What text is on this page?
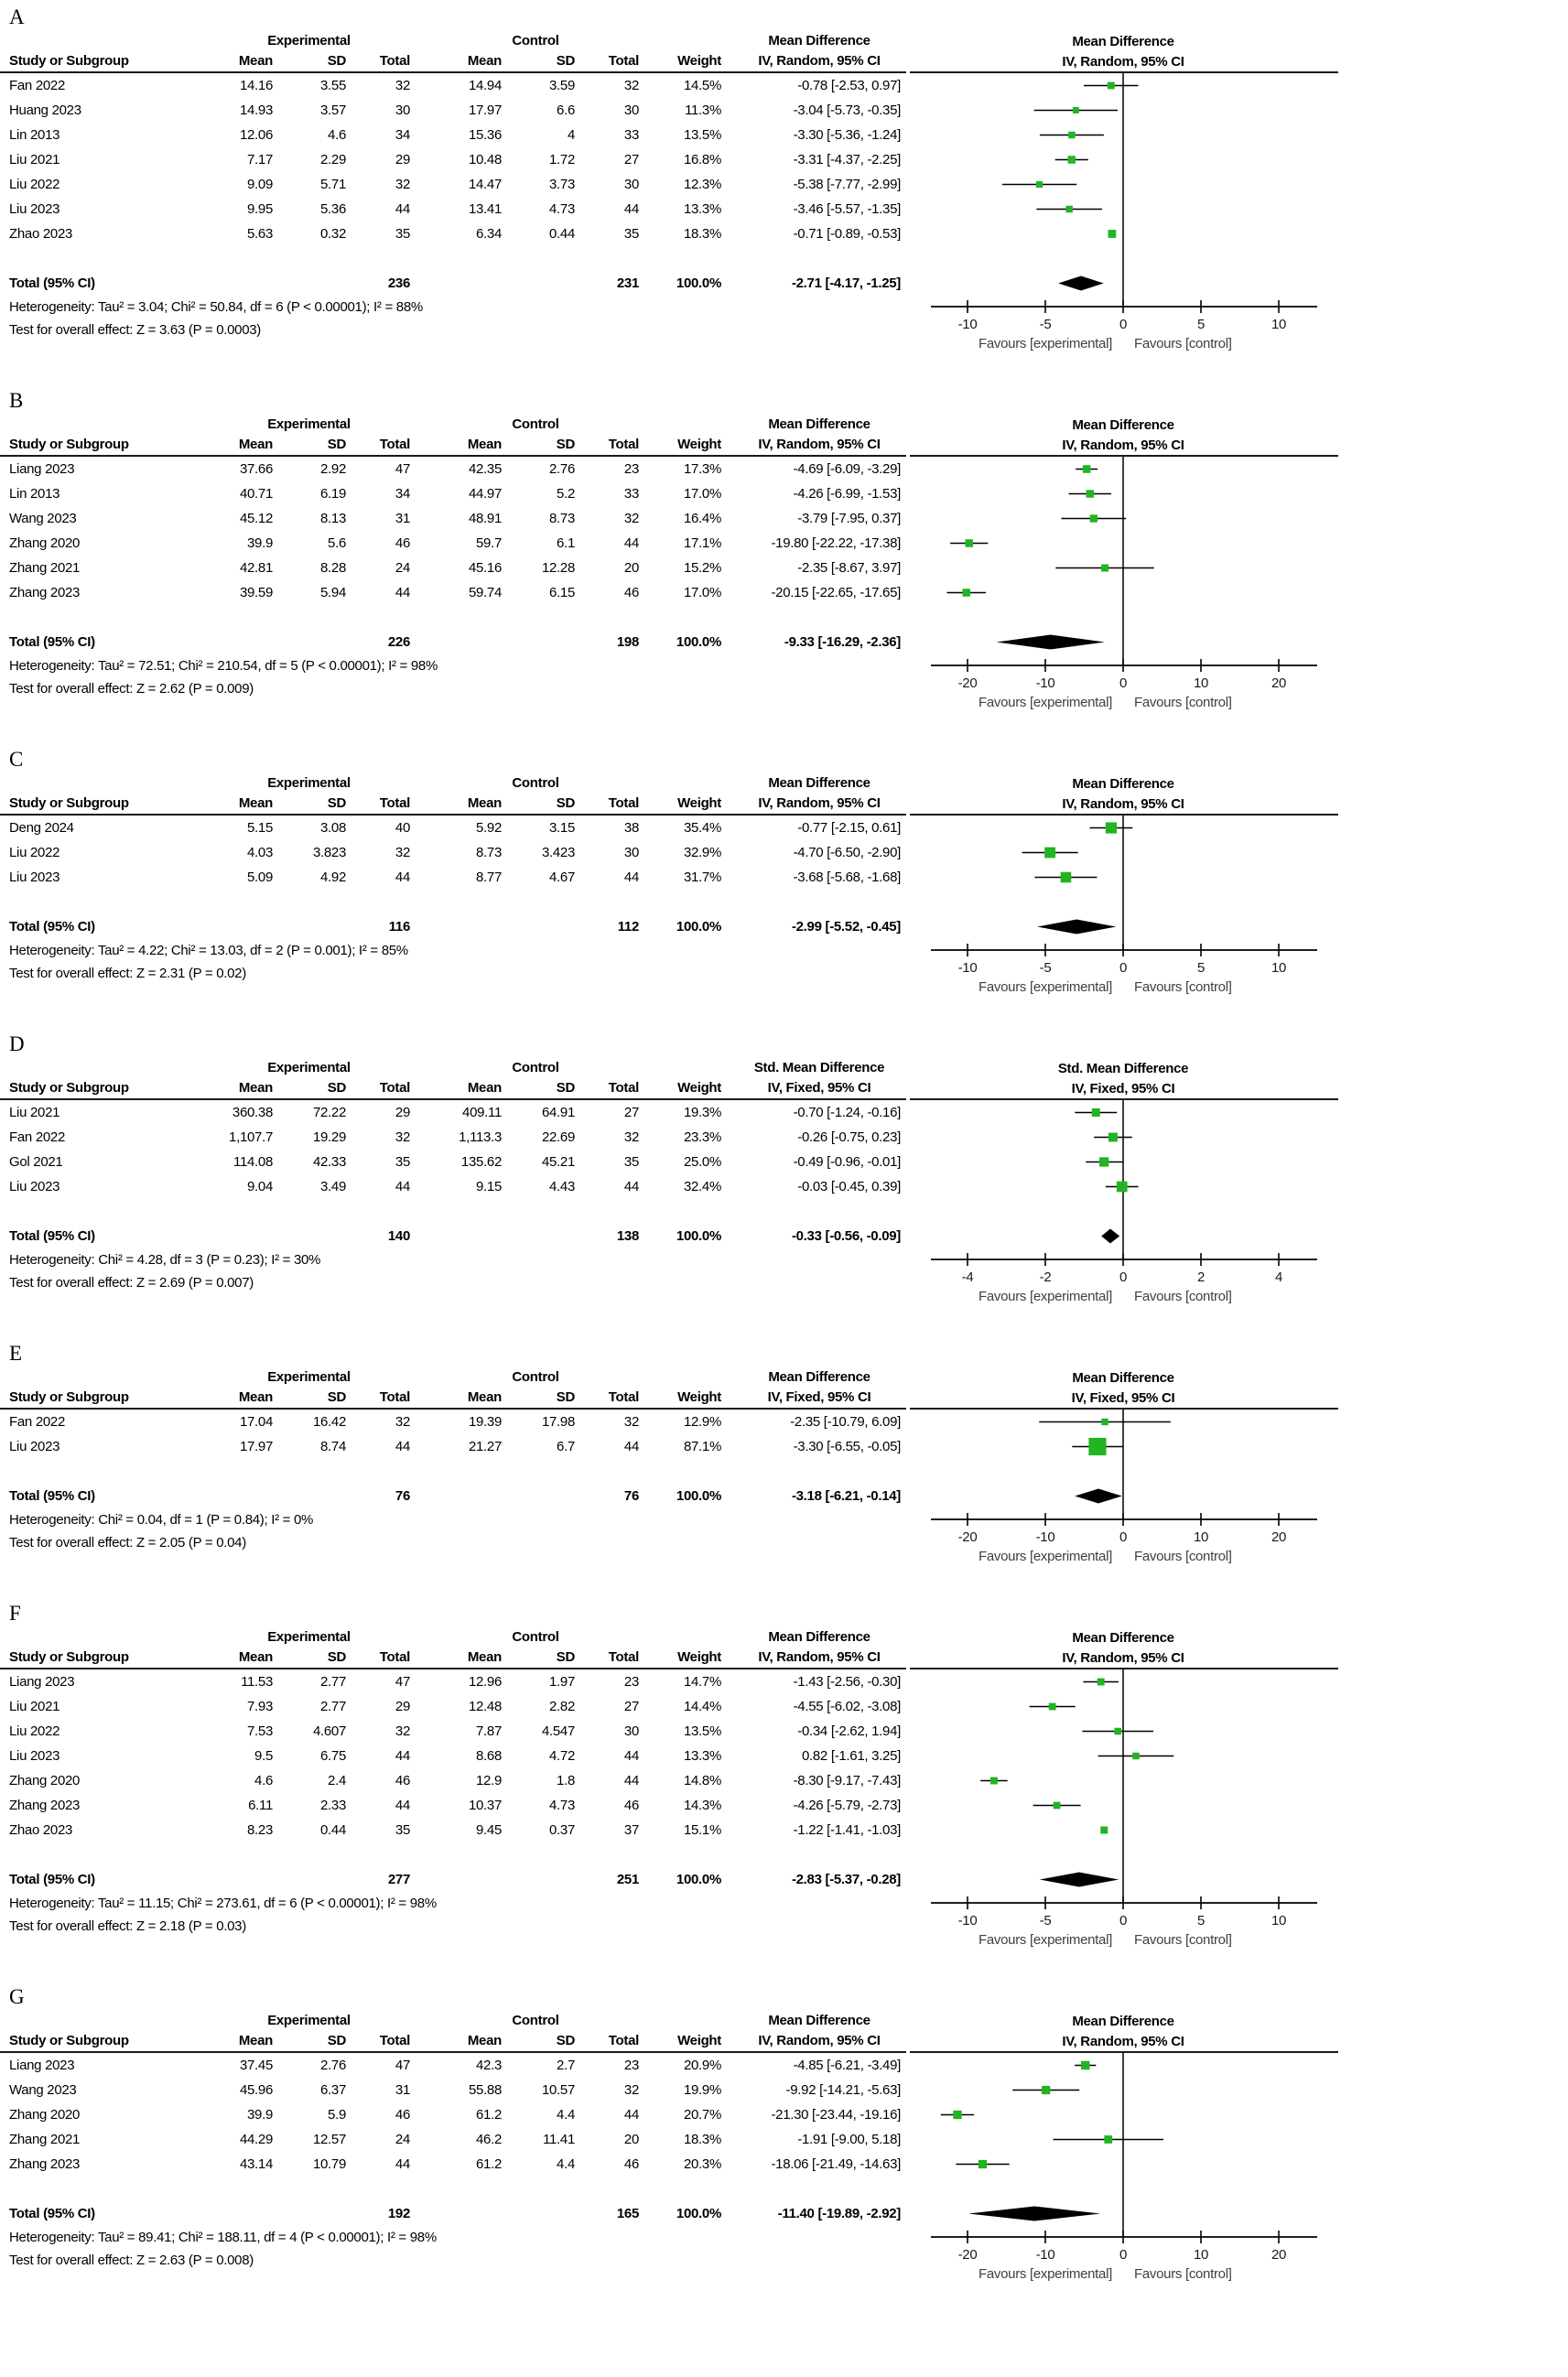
A
Experimental	Control	Mean Difference
Study or Subgroup	Mean	SD	Total	Mean	SD	Total	Weight	IV, Random, 95% CI
Fan 2022	14.16	3.55	32	14.94	3.59	32	14.5%	-0.78 [-2.53, 0.97]
Huang 2023	14.93	3.57	30	17.97	6.6	30	11.3%	-3.04 [-5.73, -0.35]
Lin 2013	12.06	4.6	34	15.36	4	33	13.5%	-3.30 [-5.36, -1.24]
Liu 2021	7.17	2.29	29	10.48	1.72	27	16.8%	-3.31 [-4.37, -2.25]
Liu 2022	9.09	5.71	32	14.47	3.73	30	12.3%	-5.38 [-7.77, -2.99]
Liu 2023	9.95	5.36	44	13.41	4.73	44	13.3%	-3.46 [-5.57, -1.35]
Zhao 2023	5.63	0.32	35	6.34	0.44	35	18.3%	-0.71 [-0.89, -0.53]
Total (95% CI)	236	231	100.0%	-2.71 [-4.17, -1.25]
Heterogeneity: Tau² = 3.04; Chi² = 50.84, df = 6 (P < 0.00001); I² = 88%
Test for overall effect: Z = 3.63 (P = 0.0003)
Mean Difference
IV, Random, 95% CI
-10	-5	0	5	10
Favours [experimental] Favours [control]
B
Experimental	Control	Mean Difference
Study or Subgroup	Mean	SD	Total	Mean	SD	Total	Weight	IV, Random, 95% CI
Liang 2023	37.66	2.92	47	42.35	2.76	23	17.3%	-4.69 [-6.09, -3.29]
Lin 2013	40.71	6.19	34	44.97	5.2	33	17.0%	-4.26 [-6.99, -1.53]
Wang 2023	45.12	8.13	31	48.91	8.73	32	16.4%	-3.79 [-7.95, 0.37]
Zhang 2020	39.9	5.6	46	59.7	6.1	44	17.1%	-19.80 [-22.22, -17.38]
Zhang 2021	42.81	8.28	24	45.16	12.28	20	15.2%	-2.35 [-8.67, 3.97]
Zhang 2023	39.59	5.94	44	59.74	6.15	46	17.0%	-20.15 [-22.65, -17.65]
Total (95% CI)	226	198	100.0%	-9.33 [-16.29, -2.36]
Heterogeneity: Tau² = 72.51; Chi² = 210.54, df = 5 (P < 0.00001); I² = 98%
Test for overall effect: Z = 2.62 (P = 0.009)
Mean Difference
IV, Random, 95% CI
-20	-10	0	10	20
Favours [experimental] Favours [control]
C
Experimental	Control	Mean Difference
Study or Subgroup	Mean	SD	Total	Mean	SD	Total	Weight	IV, Random, 95% CI
Deng 2024	5.15	3.08	40	5.92	3.15	38	35.4%	-0.77 [-2.15, 0.61]
Liu 2022	4.03	3.823	32	8.73	3.423	30	32.9%	-4.70 [-6.50, -2.90]
Liu 2023	5.09	4.92	44	8.77	4.67	44	31.7%	-3.68 [-5.68, -1.68]
Total (95% CI)	116	112	100.0%	-2.99 [-5.52, -0.45]
Heterogeneity: Tau² = 4.22; Chi² = 13.03, df = 2 (P = 0.001); I² = 85%
Test for overall effect: Z = 2.31 (P = 0.02)
Mean Difference
IV, Random, 95% CI
-10	-5	0	5	10
Favours [experimental] Favours [control]
D
Experimental	Control	Std. Mean Difference
Study or Subgroup	Mean	SD	Total	Mean	SD	Total	Weight	IV, Fixed, 95% CI
Liu 2021	360.38	72.22	29	409.11	64.91	27	19.3%	-0.70 [-1.24, -0.16]
Fan 2022	1,107.7	19.29	32	1,113.3	22.69	32	23.3%	-0.26 [-0.75, 0.23]
Gol 2021	114.08	42.33	35	135.62	45.21	35	25.0%	-0.49 [-0.96, -0.01]
Liu 2023	9.04	3.49	44	9.15	4.43	44	32.4%	-0.03 [-0.45, 0.39]
Total (95% CI)	140	138	100.0%	-0.33 [-0.56, -0.09]
Heterogeneity: Chi² = 4.28, df = 3 (P = 0.23); I² = 30%
Test for overall effect: Z = 2.69 (P = 0.007)
Std. Mean Difference
IV, Fixed, 95% CI
-4	-2	0	2	4
Favours [experimental] Favours [control]
E
Experimental	Control	Mean Difference
Study or Subgroup	Mean	SD	Total	Mean	SD	Total	Weight	IV, Fixed, 95% CI
Fan 2022	17.04	16.42	32	19.39	17.98	32	12.9%	-2.35 [-10.79, 6.09]
Liu 2023	17.97	8.74	44	21.27	6.7	44	87.1%	-3.30 [-6.55, -0.05]
Total (95% CI)	76	76	100.0%	-3.18 [-6.21, -0.14]
Heterogeneity: Chi² = 0.04, df = 1 (P = 0.84); I² = 0%
Test for overall effect: Z = 2.05 (P = 0.04)
Mean Difference
IV, Fixed, 95% CI
-20	-10	0	10	20
Favours [experimental] Favours [control]
F
Experimental	Control	Mean Difference
Study or Subgroup	Mean	SD	Total	Mean	SD	Total	Weight	IV, Random, 95% CI
Liang 2023	11.53	2.77	47	12.96	1.97	23	14.7%	-1.43 [-2.56, -0.30]
Liu 2021	7.93	2.77	29	12.48	2.82	27	14.4%	-4.55 [-6.02, -3.08]
Liu 2022	7.53	4.607	32	7.87	4.547	30	13.5%	-0.34 [-2.62, 1.94]
Liu 2023	9.5	6.75	44	8.68	4.72	44	13.3%	0.82 [-1.61, 3.25]
Zhang 2020	4.6	2.4	46	12.9	1.8	44	14.8%	-8.30 [-9.17, -7.43]
Zhang 2023	6.11	2.33	44	10.37	4.73	46	14.3%	-4.26 [-5.79, -2.73]
Zhao 2023	8.23	0.44	35	9.45	0.37	37	15.1%	-1.22 [-1.41, -1.03]
Total (95% CI)	277	251	100.0%	-2.83 [-5.37, -0.28]
Heterogeneity: Tau² = 11.15; Chi² = 273.61, df = 6 (P < 0.00001); I² = 98%
Test for overall effect: Z = 2.18 (P = 0.03)
Mean Difference
IV, Random, 95% CI
-10	-5	0	5	10
Favours [experimental] Favours [control]
G
Experimental	Control	Mean Difference
Study or Subgroup	Mean	SD	Total	Mean	SD	Total	Weight	IV, Random, 95% CI
Liang 2023	37.45	2.76	47	42.3	2.7	23	20.9%	-4.85 [-6.21, -3.49]
Wang 2023	45.96	6.37	31	55.88	10.57	32	19.9%	-9.92 [-14.21, -5.63]
Zhang 2020	39.9	5.9	46	61.2	4.4	44	20.7%	-21.30 [-23.44, -19.16]
Zhang 2021	44.29	12.57	24	46.2	11.41	20	18.3%	-1.91 [-9.00, 5.18]
Zhang 2023	43.14	10.79	44	61.2	4.4	46	20.3%	-18.06 [-21.49, -14.63]
Total (95% CI)	192	165	100.0%	-11.40 [-19.89, -2.92]
Heterogeneity: Tau² = 89.41; Chi² = 188.11, df = 4 (P < 0.00001); I² = 98%
Test for overall effect: Z = 2.63 (P = 0.008)
Mean Difference
IV, Random, 95% CI
-20	-10	0	10	20
Favours [experimental] Favours [control]
